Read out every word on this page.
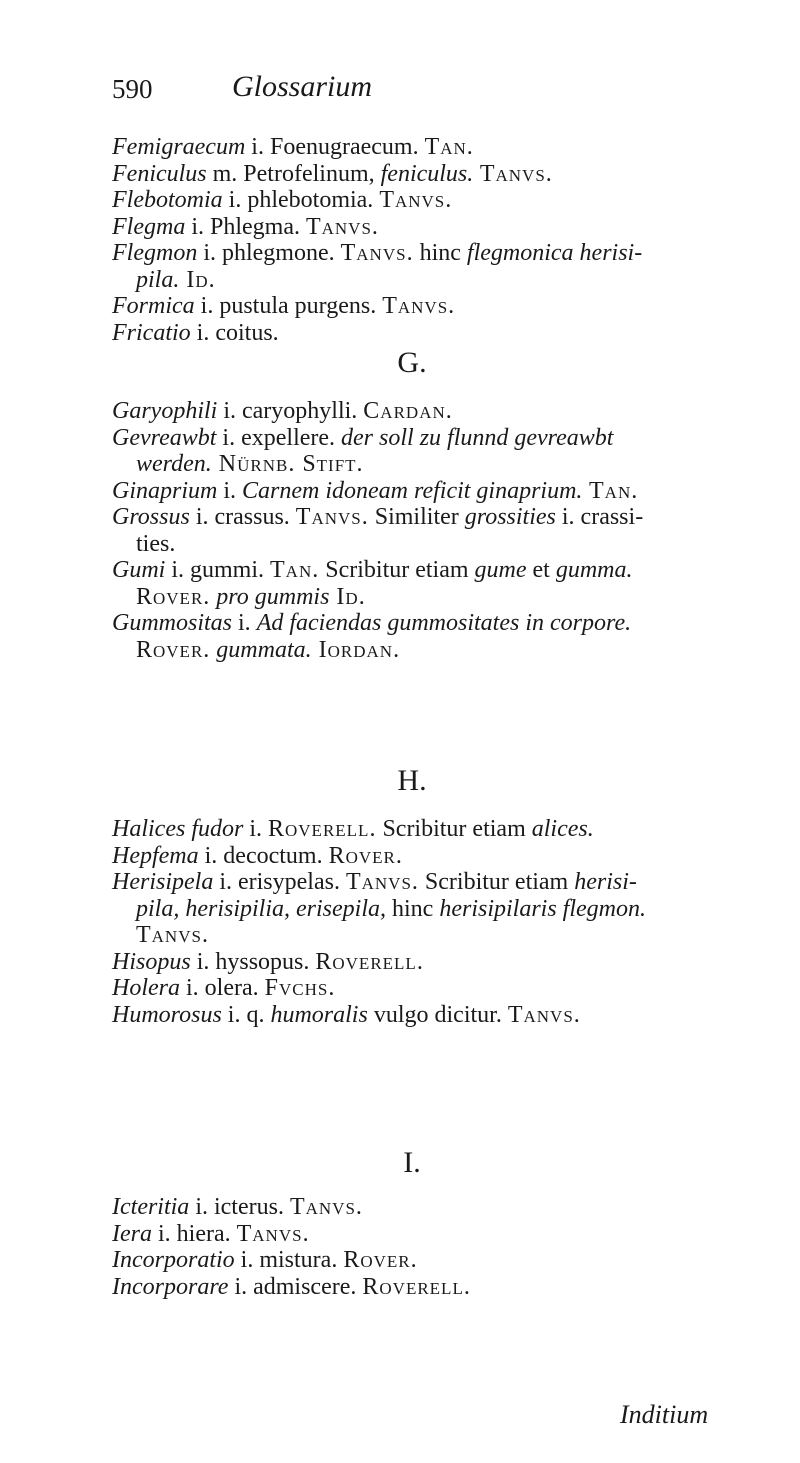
590	Glossarium
Femigraecum i. Foenugraecum. Tan.
Feniculus m. Petrofelinum, feniculus. Tanvs.
Flebotomia i. phlebotomia. Tanvs.
Flegma i. Phlegma. Tanvs.
Flegmon i. phlegmone. Tanvs. hinc flegmonica herisi-
pila. Id.
Formica i. pustula purgens. Tanvs.
Fricatio i. coitus.
G.
Garyophili i. caryophylli. Cardan.
Gevreawbt i. expellere. der soll zu flunnd gevreawbt
werden. Nürnb. Stift.
Ginaprium i. Carnem idoneam reficit ginaprium. Tan.
Grossus i. crassus. Tanvs. Similiter grossities i. crassi-
ties.
Gumi i. gummi. Tan. Scribitur etiam gume et gumma.
Rover. pro gummis Id.
Gummositas i. Ad faciendas gummositates in corpore.
Rover. gummata. Iordan.
H.
Halices fudor i. Roverell. Scribitur etiam alices.
Hepfema i. decoctum. Rover.
Herisipela i. erisypelas. Tanvs. Scribitur etiam herisi-
pila, herisipilia, erisepila, hinc herisipilaris flegmon.
Tanvs.
Hisopus i. hyssopus. Roverell.
Holera i. olera. Fvchs.
Humorosus i. q. humoralis vulgo dicitur. Tanvs.
I.
Icteritia i. icterus. Tanvs.
Iera i. hiera. Tanvs.
Incorporatio i. mistura. Rover.
Incorporare i. admiscere. Roverell.
Inditium
